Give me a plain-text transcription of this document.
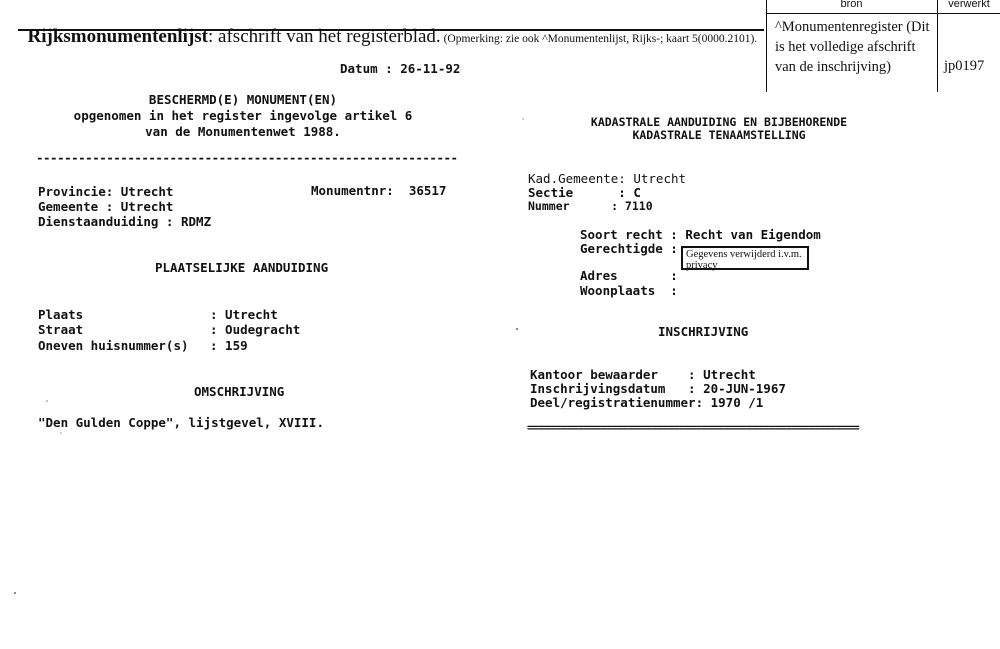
Rijksmonumentenlijst: afschrift van het registerblad. (Opmerking: zie ook ^Monumentenlijst, Rijks-; kaart 5(0000.2101).

bron	verwerkt
^Monumentenregister (Dit is het volledige afschrift van de inschrijving)	jp0197
Datum : 26-11-92
BESCHERMD(E) MONUMENT(EN)
opgenomen in het register ingevolge artikel 6
van de Monumentenwet 1988.
------------------------------------------------------------
Provincie: Utrecht	Monumentnr:  36517
Gemeente : Utrecht
Dienstaanduiding : RDMZ
PLAATSELIJKE AANDUIDING
Plaats	: Utrecht
Straat	: Oudegracht
Oneven huisnummer(s) : 159
OMSCHRIJVING
"Den Gulden Coppe", lijstgevel, XVIII.
KADASTRALE AANDUIDING EN BIJBEHORENDE
KADASTRALE TENAAMSTELLING
Kad.Gemeente: Utrecht
Sectie      : C
Nummer      : 7110
Soort recht : Recht van Eigendom
Gerechtigde : Gegevens verwijderd i.v.m. privacy
Adres       :
Woonplaats  :
INSCHRIJVING
Kantoor bewaarder    : Utrecht
Inschrijvingsdatum   : 20-JUN-1967
Deel/registratienummer: 1970 /1
===========================================================
